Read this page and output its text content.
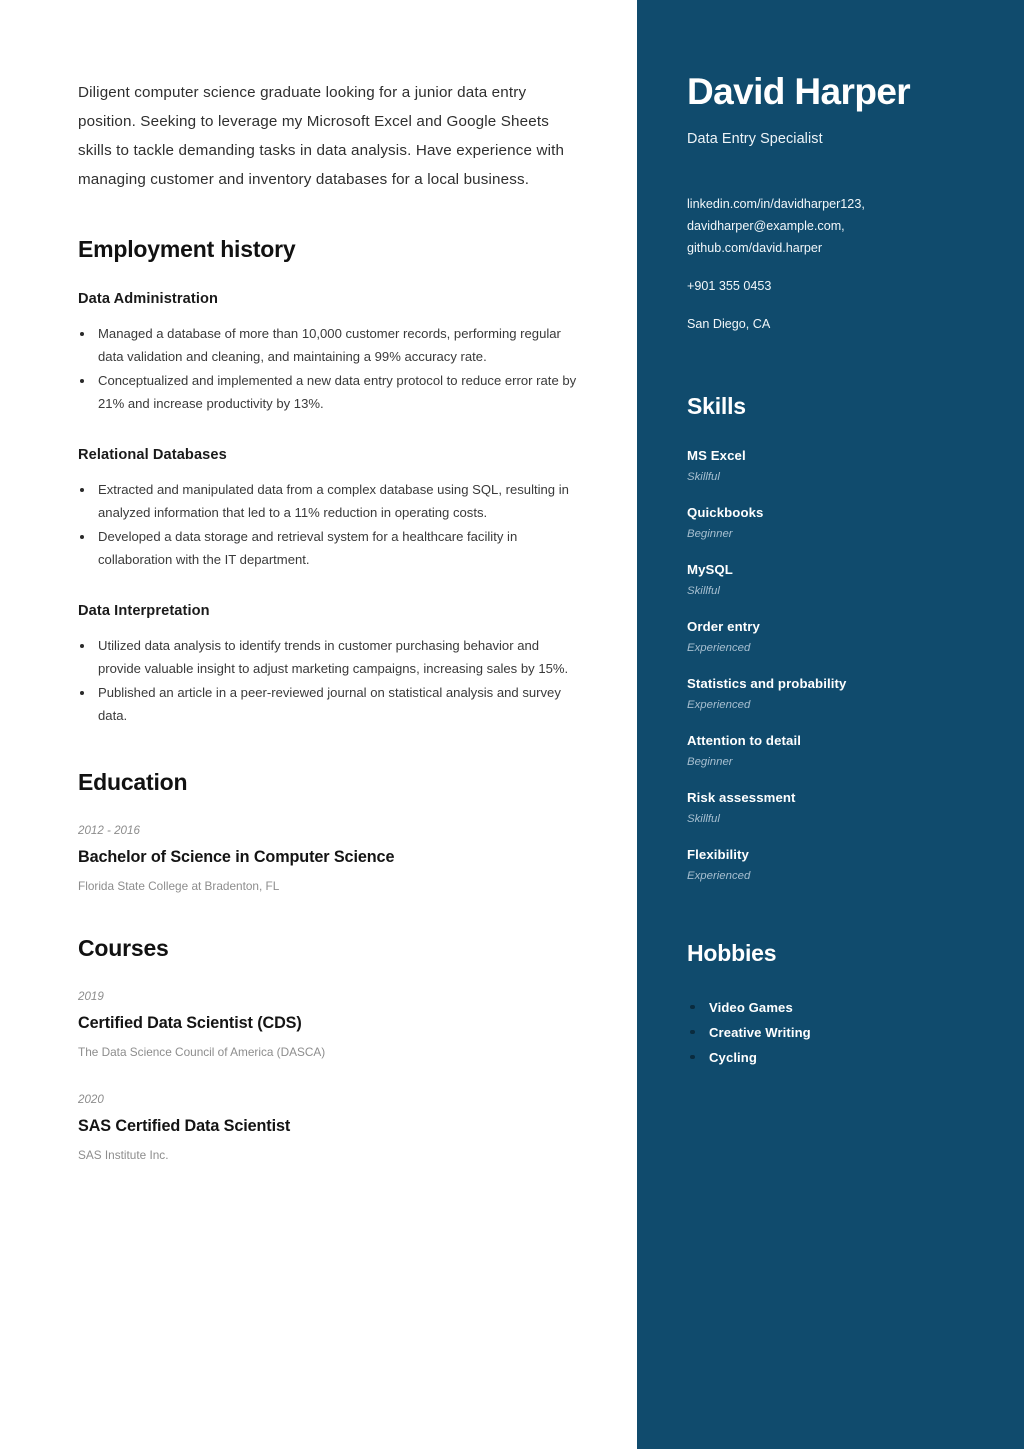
Diligent computer science graduate looking for a junior data entry position. Seeking to leverage my Microsoft Excel and Google Sheets skills to tackle demanding tasks in data analysis. Have experience with managing customer and inventory databases for a local business.

Employment history
Data Administration
Managed a database of more than 10,000 customer records, performing regular data validation and cleaning, and maintaining a 99% accuracy rate.
Conceptualized and implemented a new data entry protocol to reduce error rate by 21% and increase productivity by 13%.
Relational Databases
Extracted and manipulated data from a complex database using SQL, resulting in analyzed information that led to a 11% reduction in operating costs.
Developed a data storage and retrieval system for a healthcare facility in collaboration with the IT department.
Data Interpretation
Utilized data analysis to identify trends in customer purchasing behavior and provide valuable insight to adjust marketing campaigns, increasing sales by 15%.
Published an article in a peer-reviewed journal on statistical analysis and survey data.
Education
2012 - 2016
Bachelor of Science in Computer Science
Florida State College at Bradenton, FL
Courses
2019
Certified Data Scientist (CDS)
The Data Science Council of America (DASCA)
2020
SAS Certified Data Scientist
SAS Institute Inc.
David Harper
Data Entry Specialist
linkedin.com/in/davidharper123,
davidharper@example.com,
github.com/david.harper
+901 355 0453
San Diego, CA
Skills
MS Excel
Skillful
Quickbooks
Beginner
MySQL
Skillful
Order entry
Experienced
Statistics and probability
Experienced
Attention to detail
Beginner
Risk assessment
Skillful
Flexibility
Experienced
Hobbies
Video Games
Creative Writing
Cycling
